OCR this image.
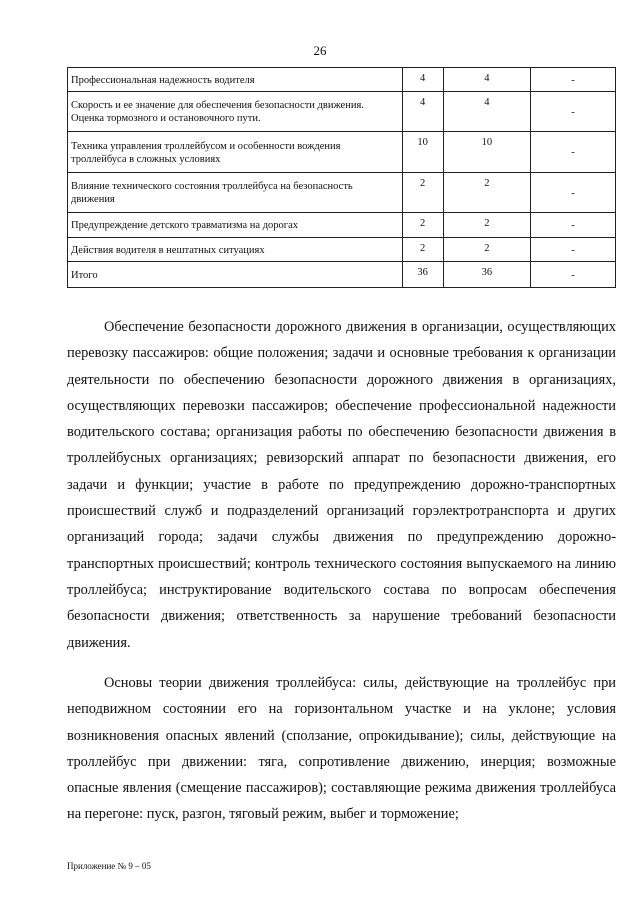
26
Профессиональная надежность водителя	4	4	-
Скорость и ее значение для обеспечения безопасности движения. Оценка тормозного и остановочного пути.	4	4	-
Техника управления троллейбусом и особенности вождения троллейбуса в сложных условиях	10	10	-
Влияние технического состояния троллейбуса на безопасность движения	2	2	-
Предупреждение детского травматизма на дорогах	2	2	-
Действия водителя в нештатных ситуациях	2	2	-
Итого	36	36	-

Обеспечение безопасности дорожного движения в организации, осуществляющих перевозку пассажиров: общие положения; задачи и основные требования к организации деятельности по обеспечению безопасности дорожного движения в организациях, осуществляющих перевозки пассажиров; обеспечение профессиональной надежности водительского состава; организация работы по обеспечению безопасности движения в троллейбусных организациях; ревизорский аппарат по безопасности движения, его задачи и функции; участие в работе по предупреждению дорожно-транспортных происшествий служб и подразделений организаций горэлектротранспорта и других организаций города; задачи службы движения по предупреждению дорожно-транспортных происшествий; контроль технического состояния выпускаемого на линию троллейбуса; инструктирование водительского состава по вопросам обеспечения безопасности движения; ответственность за нарушение требований безопасности движения.

Основы теории движения троллейбуса: силы, действующие на троллейбус при неподвижном состоянии его на горизонтальном участке и на уклоне; условия возникновения опасных явлений (сползание, опрокидывание); силы, действующие на троллейбус при движении: тяга, сопротивление движению, инерция; возможные опасные явления (смещение пассажиров); составляющие режима движения троллейбуса на перегоне: пуск, разгон, тяговый режим, выбег и торможение;

Приложение № 9 – 05
